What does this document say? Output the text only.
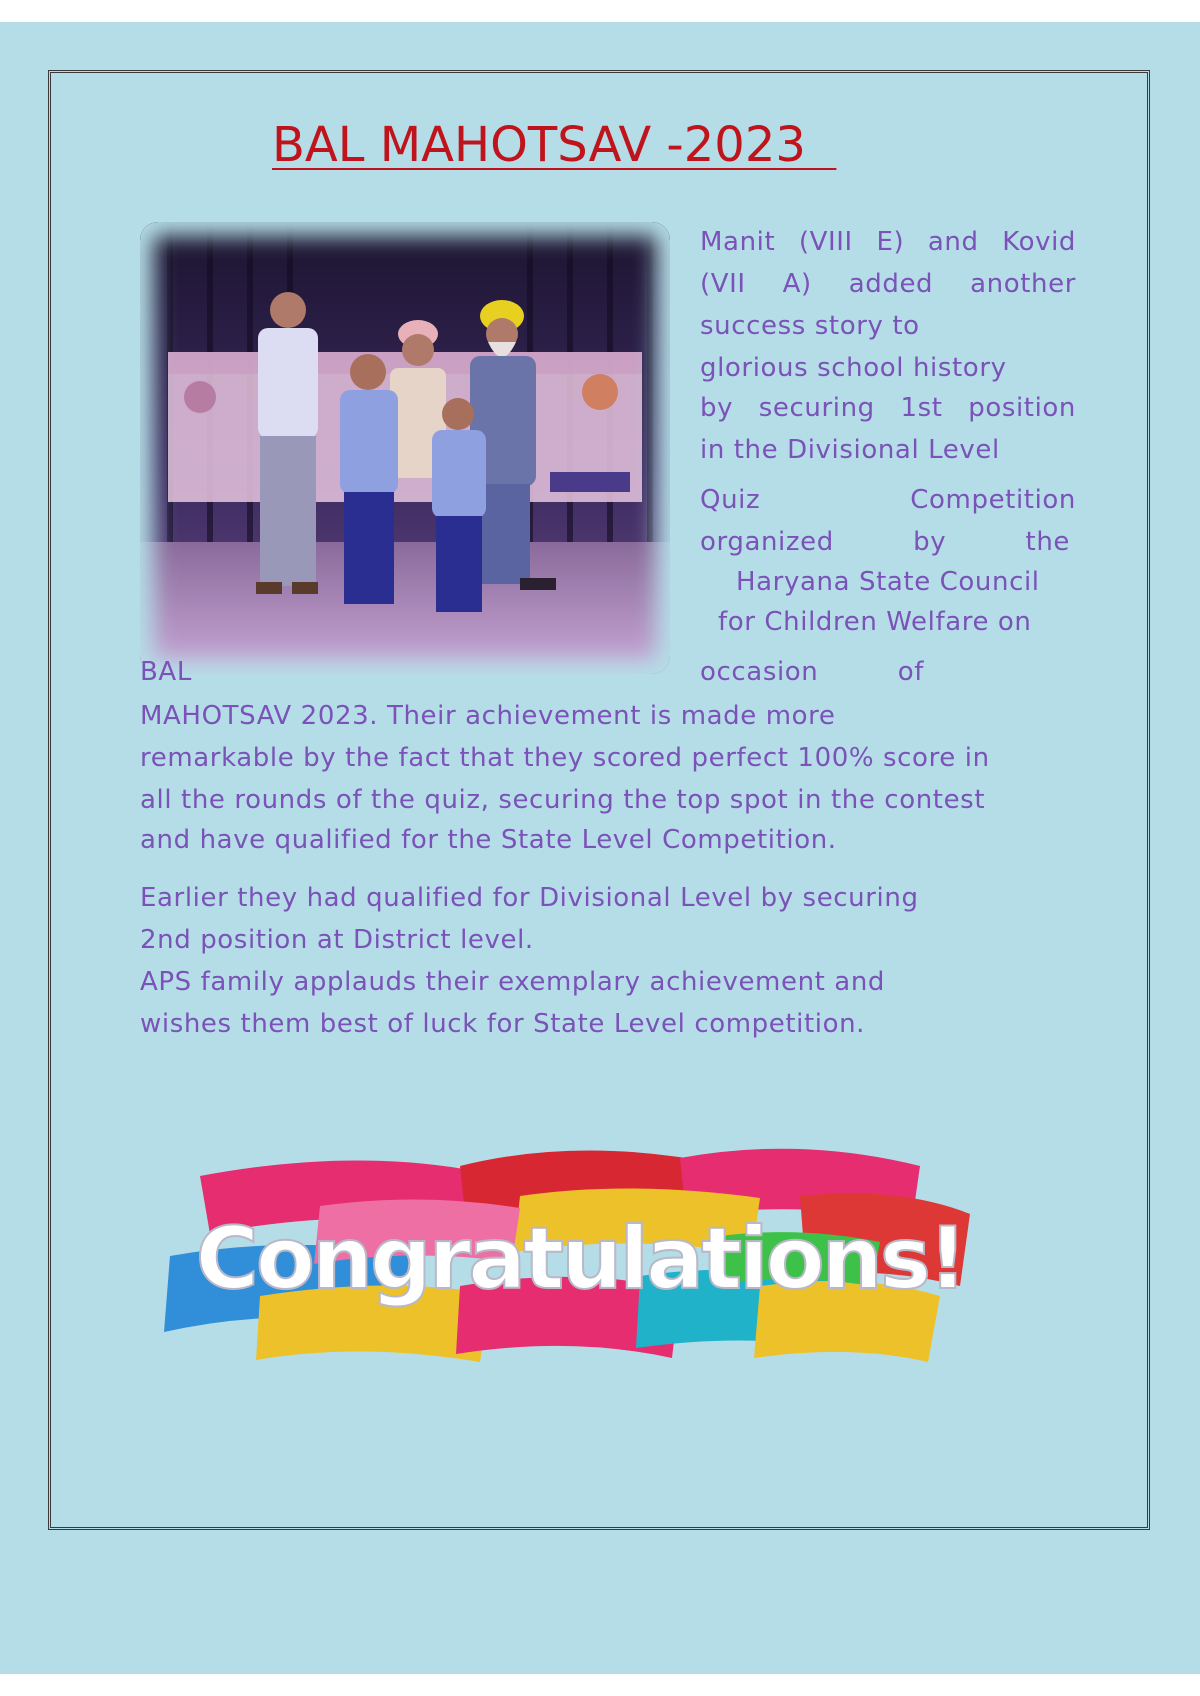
BAL MAHOTSAV -2023
Manit (VIII E) and Kovid
(VII A) added another
success story to
glorious school history
by securing 1st position
in the Divisional Level
Quiz Competition
organized by the
Haryana State Council
for Children Welfare on
BAL	occasion of
MAHOTSAV 2023. Their achievement is made more
remarkable by the fact that they scored perfect 100% score in
all the rounds of the quiz, securing the top spot in the contest
and have qualified for the State Level Competition.
Earlier they had qualified for Divisional Level by securing
2nd position at District level.
APS family applauds their exemplary achievement and
wishes them best of luck for State Level competition.
Congratulations!
